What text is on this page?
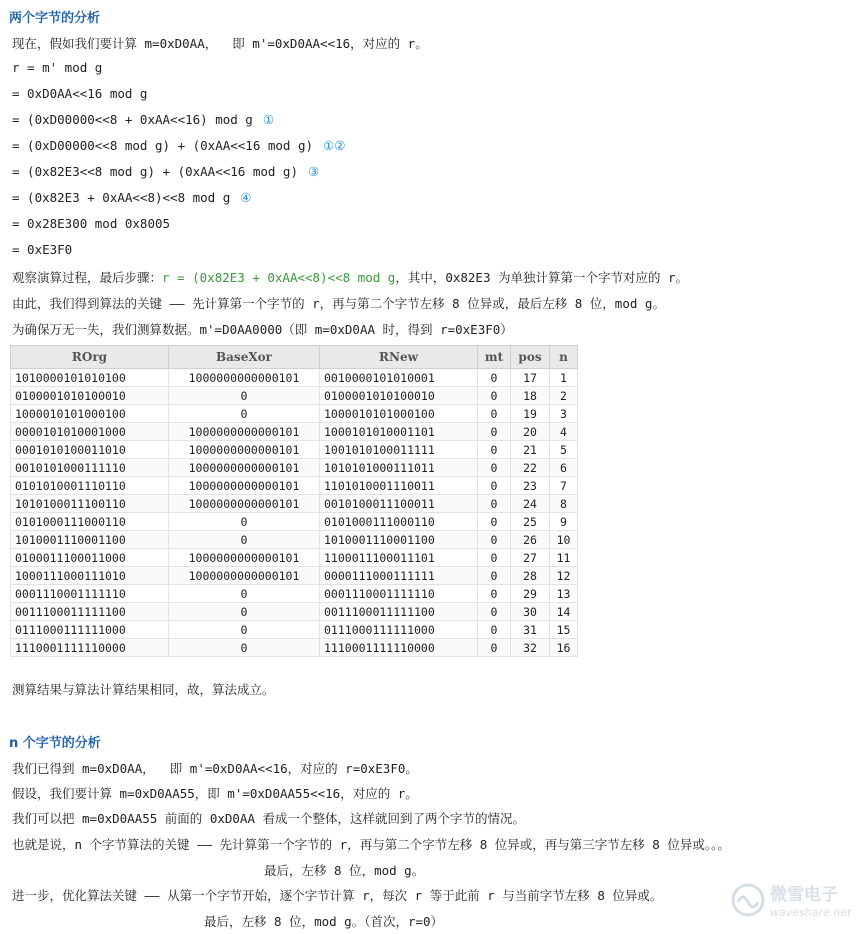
两个字节的分析
现在，假如我们要计算 m=0xD0AA，  即 m'=0xD0AA<<16，对应的 r。
r = m' mod g
= 0xD0AA<<16 mod g
= (0xD00000<<8 + 0xAA<<16) mod g ①
= (0xD00000<<8 mod g) + (0xAA<<16 mod g) ①②
= (0x82E3<<8 mod g) + (0xAA<<16 mod g) ③
= (0x82E3 + 0xAA<<8)<<8 mod g ④
= 0x28E300 mod 0x8005
= 0xE3F0
观察演算过程，最后步骤：r = (0x82E3 + 0xAA<<8)<<8 mod g，其中，0x82E3 为单独计算第一个字节对应的 r。
由此，我们得到算法的关键 —— 先计算第一个字节的 r，再与第二个字节左移 8 位异或，最后左移 8 位，mod g。
为确保万无一失，我们测算数据。m'=D0AA0000（即 m=0xD0AA 时，得到 r=0xE3F0）
ROrg	BaseXor	RNew	mt	pos	n
1010000101010100	1000000000000101	0010000101010001	0	17	1
0100001010100010	0	0100001010100010	0	18	2
1000010101000100	0	1000010101000100	0	19	3
0000101010001000	1000000000000101	1000101010001101	0	20	4
0001010100011010	1000000000000101	1001010100011111	0	21	5
0010101000111110	1000000000000101	1010101000111011	0	22	6
0101010001110110	1000000000000101	1101010001110011	0	23	7
1010100011100110	1000000000000101	0010100011100011	0	24	8
0101000111000110	0	0101000111000110	0	25	9
1010001110001100	0	1010001110001100	0	26	10
0100011100011000	1000000000000101	1100011100011101	0	27	11
1000111000111010	1000000000000101	0000111000111111	0	28	12
0001110001111110	0	0001110001111110	0	29	13
0011100011111100	0	0011100011111100	0	30	14
0111000111111000	0	0111000111111000	0	31	15
1110001111110000	0	1110001111110000	0	32	16
测算结果与算法计算结果相同，故，算法成立。
n 个字节的分析
我们已得到 m=0xD0AA，  即 m'=0xD0AA<<16，对应的 r=0xE3F0。
假设，我们要计算 m=0xD0AA55，即 m'=0xD0AA55<<16，对应的 r。
我们可以把 m=0xD0AA55 前面的 0xD0AA 看成一个整体，这样就回到了两个字节的情况。
也就是说，n 个字节算法的关键 —— 先计算第一个字节的 r，再与第二个字节左移 8 位异或，再与第三字节左移 8 位异或。。。
最后，左移 8 位，mod g。
进一步，优化算法关键 —— 从第一个字节开始，逐个字节计算 r，每次 r 等于此前 r 与当前字节左移 8 位异或。
最后，左移 8 位，mod g。（首次，r=0）
微雪电子
waveshare.net
